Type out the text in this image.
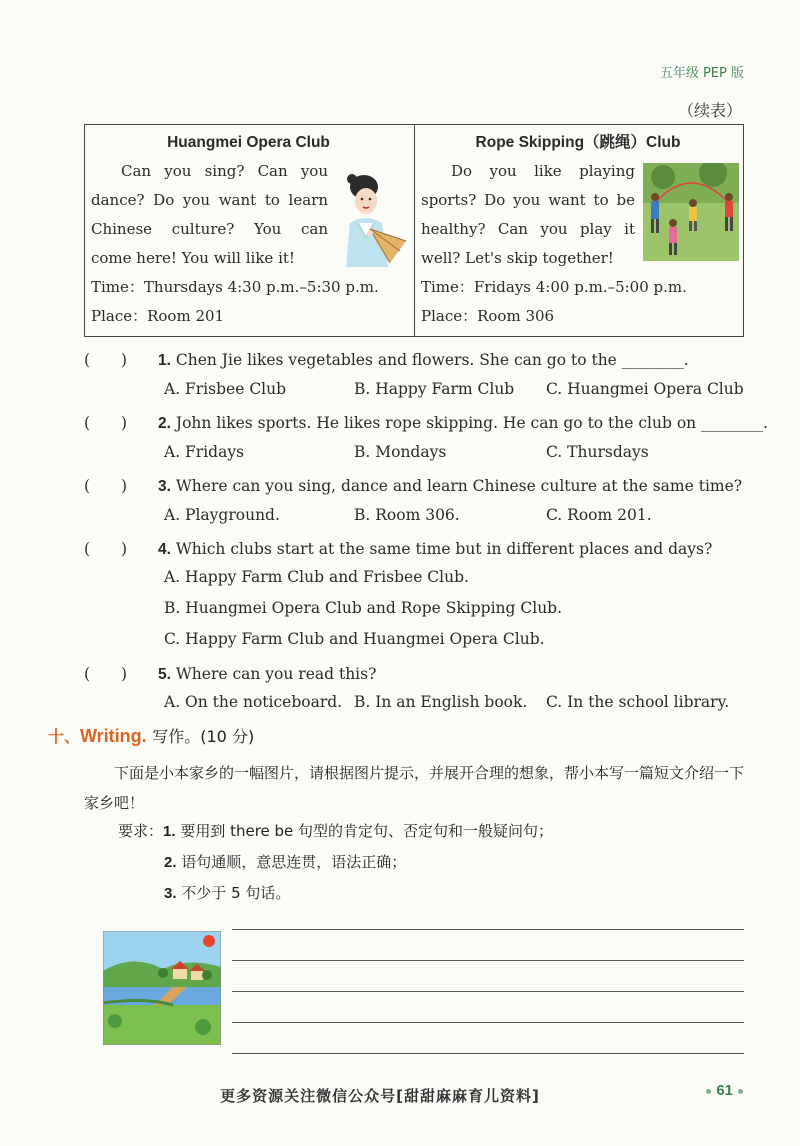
五年级 PEP 版
（续表）
Huangmei Opera Club
Can you sing? Can you dance? Do you want to learn Chinese culture? You can come here! You will like it!
Time：Thursdays 4:30 p.m.–5:30 p.m.
Place：Room 201
Rope Skipping（跳绳）Club
Do you like playing sports? Do you want to be healthy? Can you play it well? Let's skip together!
Time：Fridays 4:00 p.m.–5:00 p.m.
Place：Room 306
(　　) 1. Chen Jie likes vegetables and flowers. She can go to the ________.
A. Frisbee Club	B. Happy Farm Club C. Huangmei Opera Club
(　　) 2. John likes sports. He likes rope skipping. He can go to the club on ________.
A. Fridays	B. Mondays	C. Thursdays
(　　) 3. Where can you sing, dance and learn Chinese culture at the same time?
A. Playground.	B. Room 306.	C. Room 201.
(　　) 4. Which clubs start at the same time but in different places and days?
A. Happy Farm Club and Frisbee Club.
B. Huangmei Opera Club and Rope Skipping Club.
C. Happy Farm Club and Huangmei Opera Club.
(　　) 5. Where can you read this?
A. On the noticeboard. B. In an English book. C. In the school library.
十、Writing. 写作。(10 分)
下面是小本家乡的一幅图片，请根据图片提示，并展开合理的想象，帮小本写一篇短文介绍一下家乡吧！
要求：1. 要用到 there be 句型的肯定句、否定句和一般疑问句；
2. 语句通顺，意思连贯，语法正确；
3. 不少于 5 句话。
更多资源关注微信公众号[甜甜麻麻育儿资料]	61
